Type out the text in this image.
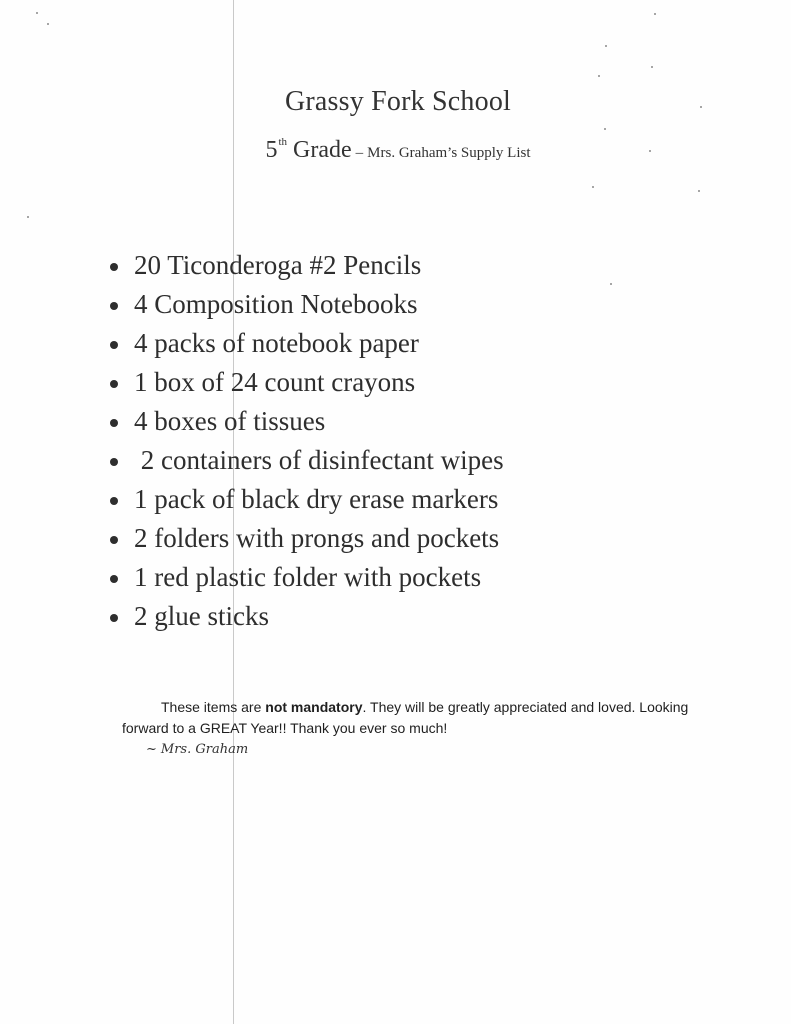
Grassy Fork School
5th Grade – Mrs. Graham’s Supply List
20 Ticonderoga #2 Pencils
4 Composition Notebooks
4 packs of notebook paper
1 box of 24 count crayons
4 boxes of tissues
2 containers of disinfectant wipes
1 pack of black dry erase markers
2 folders with prongs and pockets
1 red plastic folder with pockets
2 glue sticks
These items are not mandatory. They will be greatly appreciated and loved. Looking forward to a GREAT Year!! Thank you ever so much!
~ Mrs. Graham
